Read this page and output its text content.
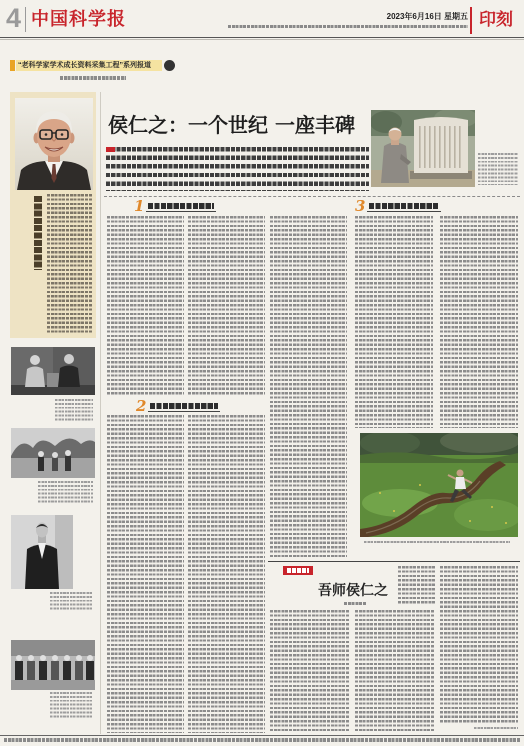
4 中国科学报	2023年6月16日 星期五 印刻
“老科学家学术成长资料采集工程”系列报道
侯仁之：一个世纪 一座丰碑
1	3
2
吾师侯仁之
